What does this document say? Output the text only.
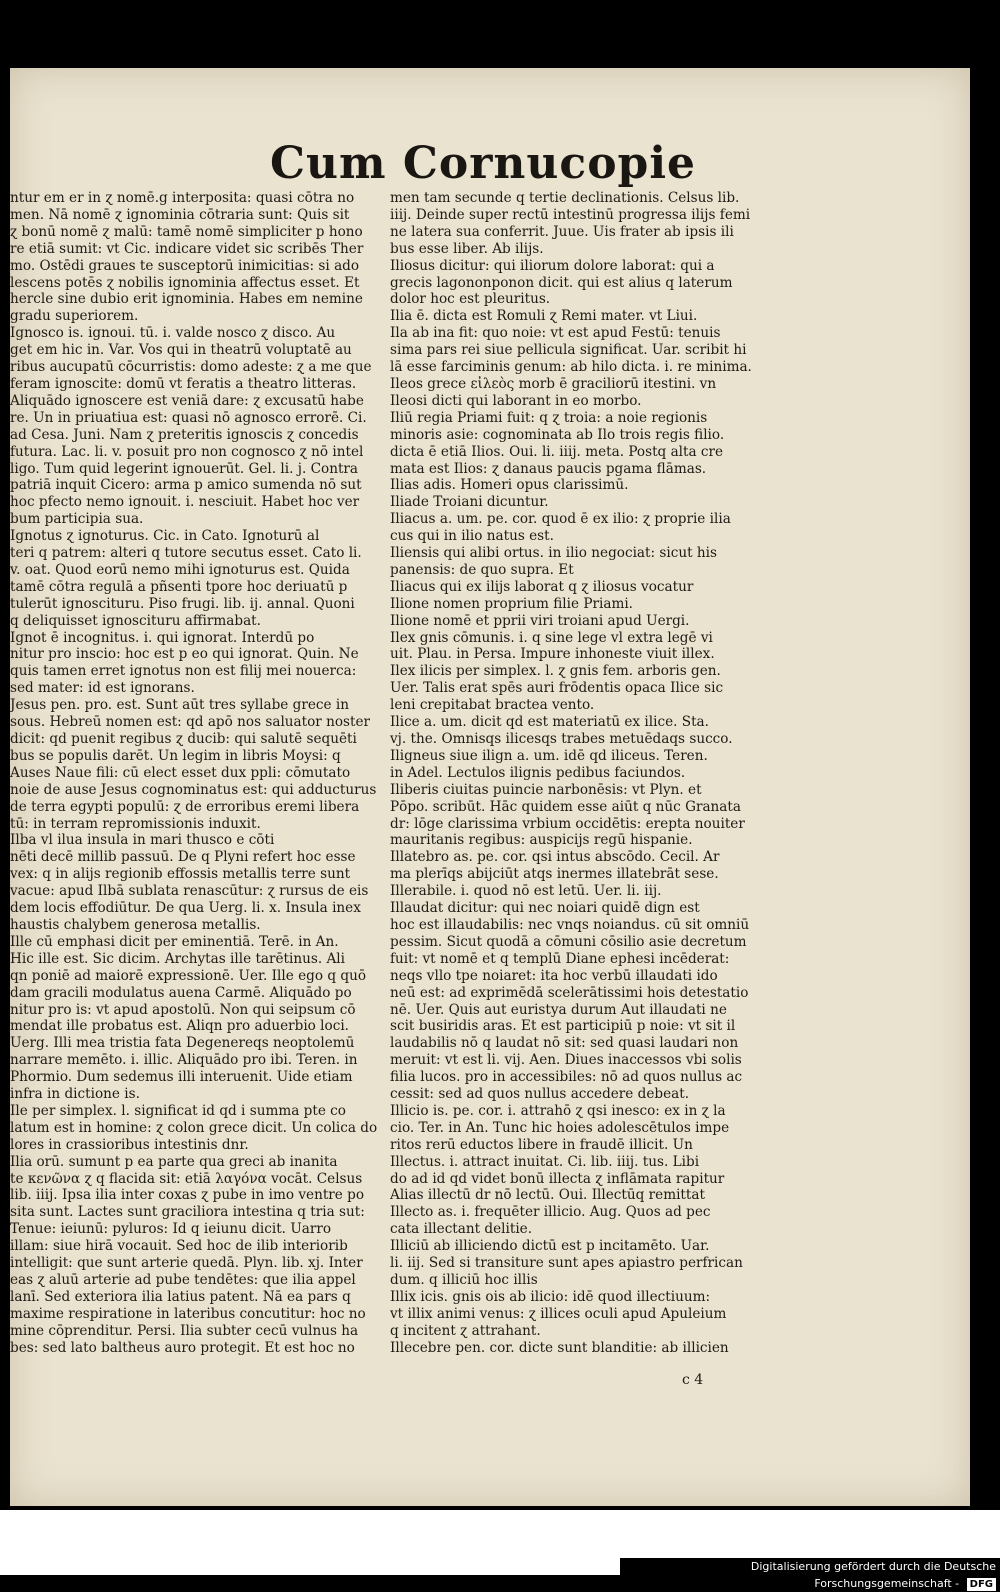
Cum Cornucopie
ntur em er in ɀ nomē.g interposita: quasi cōtra no
men. Nā nomē ɀ ignominia cōtraria sunt: Quis sit
ɀ bonū nomē ɀ malū: tamē nomē simpliciter p hono
re etiā sumit: vt Cic. indicare videt sic scribēs Ther
mo. Ostēdi graues te susceptorū inimicitias: si ado
lescens potēs ɀ nobilis ignominia affectus esset. Et
hercle sine dubio erit ignominia. Habes em nemine
gradu superiorem.
Ignosco is. ignoui. tū. i. valde nosco ɀ disco. Au
get em hic in. Var. Vos qui in theatrū voluptatē au
ribus aucupatū cōcurristis: domo adeste: ɀ a me que
feram ignoscite: domū vt feratis a theatro litteras.
Aliquādo ignoscere est veniā dare: ɀ excusatū habe
re. Un in priuatiua est: quasi nō agnosco errorē. Ci.
ad Cesa. Juni. Nam ɀ preteritis ignoscis ɀ concedis
futura. Lac. li. v. posuit pro non cognosco ɀ nō intel
ligo. Tum quid legerint ignouerūt. Gel. li. j. Contra
patriā inquit Cicero: arma p amico sumenda nō sut
hoc pfecto nemo ignouit. i. nesciuit. Habet hoc ver
bum participia sua.
Ignotus ɀ ignoturus. Cic. in Cato. Ignoturū al
teri q patrem: alteri q tutore secutus esset. Cato li.
v. oat. Quod eorū nemo mihi ignoturus est. Quida
tamē cōtra regulā a pñsenti tpore hoc deriuatū p
tulerūt ignoscituru. Piso frugi. lib. ij. annal. Quoni
q deliquisset ignoscituru affirmabat.
Ignot ē incognitus. i. qui ignorat. Interdū po
nitur pro inscio: hoc est p eo qui ignorat. Quin. Ne
quis tamen erret ignotus non est filij mei nouerca:
sed mater: id est ignorans.
Jesus pen. pro. est. Sunt aūt tres syllabe grece in
sous. Hebreū nomen est: qd apō nos saluator noster
dicit: qd puenit regibus ɀ ducib: qui salutē sequēti
bus se populis darēt. Un legim in libris Moysi: q
Auses Naue fili: cū elect esset dux ppli: cōmutato
noie de ause Jesus cognominatus est: qui adducturus
de terra egypti populū: ɀ de erroribus eremi libera
tū: in terram repromissionis induxit.
Ilba vl ilua insula in mari thusco e cōti
nēti decē millib passuū. De q Plyni refert hoc esse
vex: q in alijs regionib effossis metallis terre sunt
vacue: apud Ilbā sublata renascūtur: ɀ rursus de eis
dem locis effodiūtur. De qua Uerg. li. x. Insula inex
haustis chalybem generosa metallis.
Ille cū emphasi dicit per eminentiā. Terē. in An.
Hic ille est. Sic dicim. Archytas ille tarētinus. Ali
qn poniē ad maiorē expressionē. Uer. Ille ego q quō
dam gracili modulatus auena Carmē. Aliquādo po
nitur pro is: vt apud apostolū. Non qui seipsum cō
mendat ille probatus est. Aliqn pro aduerbio loci.
Uerg. Illi mea tristia fata Degenereqs neoptolemū
narrare memēto. i. illic. Aliquādo pro ibi. Teren. in
Phormio. Dum sedemus illi interuenit. Uide etiam
infra in dictione is.
Ile per simplex. l. significat id qd i summa pte co
latum est in homine: ɀ colon grece dicit. Un colica do
lores in crassioribus intestinis dnr.
Ilia orū. sumunt p ea parte qua greci ab inanita
te κενῶνα ɀ q flacida sit: etiā λαγόνα vocāt. Celsus
lib. iiij. Ipsa ilia inter coxas ɀ pube in imo ventre po
sita sunt. Lactes sunt graciliora intestina q tria sut:
Tenue: ieiunū: pyluros: Id q ieiunu dicit. Uarro
illam: siue hirā vocauit. Sed hoc de ilib interiorib
intelligit: que sunt arterie quedā. Plyn. lib. xj. Inter
eas ɀ aluū arterie ad pube tendētes: que ilia appel
lanī. Sed exteriora ilia latius patent. Nā ea pars q
maxime respiratione in lateribus concutitur: hoc no
mine cōprenditur. Persi. Ilia subter cecū vulnus ha
bes: sed lato baltheus auro protegit. Et est hoc no
men tam secunde q tertie declinationis. Celsus lib.
iiij. Deinde super rectū intestinū progressa ilijs femi
ne latera sua conferrit. Juue. Uis frater ab ipsis ili
bus esse liber. Ab ilijs.
Iliosus dicitur: qui iliorum dolore laborat: qui a
grecis lagononponon dicit. qui est alius q laterum
dolor hoc est pleuritus.
Ilia ē. dicta est Romuli ɀ Remi mater. vt Liui.
Ila ab ina fit: quo noie: vt est apud Festū: tenuis
sima pars rei siue pellicula significat. Uar. scribit hi
lā esse farciminis genum: ab hilo dicta. i. re minima.
Ileos grece εἰλεὸς morb ē graciliorū itestini. vn
Ileosi dicti qui laborant in eo morbo.
Iliū regia Priami fuit: q ɀ troia: a noie regionis
minoris asie: cognominata ab Ilo trois regis filio.
dicta ē etiā Ilios. Oui. li. iiij. meta. Postq alta cre
mata est Ilios: ɀ danaus paucis pgama flāmas.
Ilias adis. Homeri opus clarissimū.
Iliade Troiani dicuntur.
Iliacus a. um. pe. cor. quod ē ex ilio: ɀ proprie ilia
cus qui in ilio natus est.
Iliensis qui alibi ortus. in ilio negociat: sicut his
panensis: de quo supra. Et
Iliacus qui ex ilijs laborat q ɀ iliosus vocatur
Ilione nomen proprium filie Priami.
Ilione nomē et pprii viri troiani apud Uergi.
Ilex gnis cōmunis. i. q sine lege vl extra legē vi
uit. Plau. in Persa. Impure inhoneste viuit illex.
Ilex ilicis per simplex. l. ɀ gnis fem. arboris gen.
Uer. Talis erat spēs auri frōdentis opaca Ilice sic
leni crepitabat bractea vento.
Ilice a. um. dicit qd est materiatū ex ilice. Sta.
vj. the. Omnisqs ilicesqs trabes metuēdaqs succo.
Iligneus siue ilign a. um. idē qd iliceus. Teren.
in Adel. Lectulos ilignis pedibus faciundos.
Iliberis ciuitas puincie narbonēsis: vt Plyn. et
Pōpo. scribūt. Hāc quidem esse aiūt q nūc Granata
dr: lōge clarissima vrbium occidētis: erepta nouiter
mauritanis regibus: auspicijs regū hispanie.
Illatebro as. pe. cor. qsi intus abscōdo. Cecil. Ar
ma plerīqs abijciūt atqs inermes illatebrāt sese.
Illerabile. i. quod nō est letū. Uer. li. iij.
Illaudat dicitur: qui nec noiari quidē dign est
hoc est illaudabilis: nec vnqs noiandus. cū sit omniū
pessim. Sicut quodā a cōmuni cōsilio asie decretum
fuit: vt nomē et q templū Diane ephesi incēderat:
neqs vllo tpe noiaret: ita hoc verbū illaudati ido
neū est: ad exprimēdā scelerātissimi hois detestatio
nē. Uer. Quis aut euristya durum Aut illaudati ne
scit busiridis aras. Et est participiū p noie: vt sit il
laudabilis nō q laudat nō sit: sed quasi laudari non
meruit: vt est li. vij. Aen. Diues inaccessos vbi solis
filia lucos. pro in accessibiles: nō ad quos nullus ac
cessit: sed ad quos nullus accedere debeat.
Illicio is. pe. cor. i. attrahō ɀ qsi inesco: ex in ɀ la
cio. Ter. in An. Tunc hic hoies adolescētulos impe
ritos rerū eductos libere in fraudē illicit. Un
Illectus. i. attract inuitat. Ci. lib. iiij. tus. Libi
do ad id qd videt bonū illecta ɀ inflāmata rapitur
Alias illectū dr nō lectū. Oui. Illectūq remittat
Illecto as. i. frequēter illicio. Aug. Quos ad pec
cata illectant delitie.
Illiciū ab illiciendo dictū est p incitamēto. Uar.
li. iij. Sed si transiture sunt apes apiastro perfrican
dum. q illiciū hoc illis
Illix icis. gnis ois ab ilicio: idē quod illectiuum:
vt illix animi venus: ɀ illices oculi apud Apuleium
q incitent ɀ attrahant.
Illecebre pen. cor. dicte sunt blanditie: ab illicien
c 4
Digitalisierung gefördert durch die Deutsche Forschungsgemeinschaft - DFG
